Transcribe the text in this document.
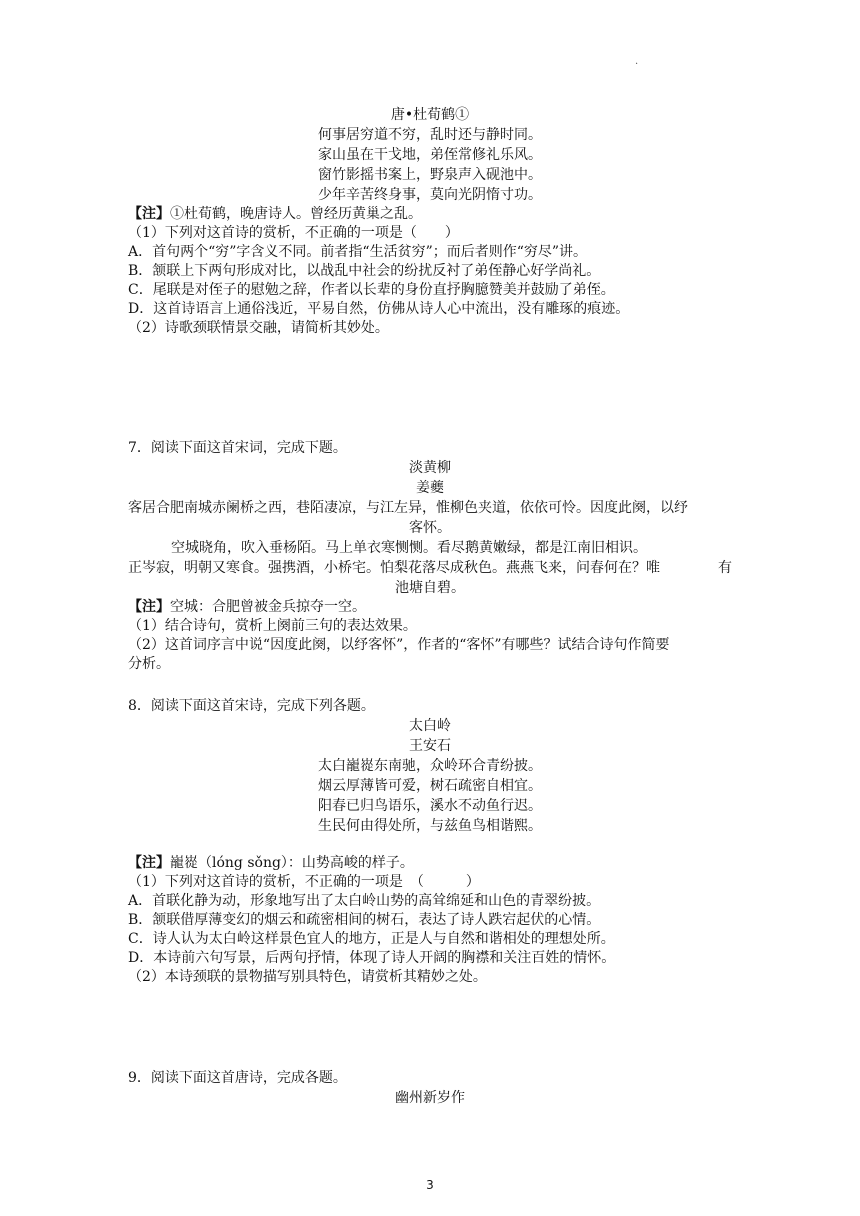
.
唐•杜荀鹤①
何事居穷道不穷，乱时还与静时同。
家山虽在干戈地，弟侄常修礼乐风。
窗竹影摇书案上，野泉声入砚池中。
少年辛苦终身事，莫向光阴惰寸功。
【注】①杜荀鹤，晚唐诗人。曾经历黄巢之乱。
（1）下列对这首诗的赏析，不正确的一项是（　　）
A．首句两个“穷”字含义不同。前者指“生活贫穷”；而后者则作“穷尽”讲。
B．颔联上下两句形成对比，以战乱中社会的纷扰反衬了弟侄静心好学尚礼。
C．尾联是对侄子的慰勉之辞，作者以长辈的身份直抒胸臆赞美并鼓励了弟侄。
D．这首诗语言上通俗浅近，平易自然，仿佛从诗人心中流出，没有雕琢的痕迹。
（2）诗歌颈联情景交融，请简析其妙处。
7．阅读下面这首宋词，完成下题。
淡黄柳
姜夔
客居合肥南城赤阑桥之西，巷陌凄凉，与江左异，惟柳色夹道，依依可怜。因度此阕，以纾
客怀。
空城晓角，吹入垂杨陌。马上单衣寒恻恻。看尽鹅黄嫩绿，都是江南旧相识。
正岑寂，明朝又寒食。强携酒，小桥宅。怕梨花落尽成秋色。燕燕飞来，问春何在？唯	有
池塘自碧。
【注】空城：合肥曾被金兵掠夺一空。
（1）结合诗句，赏析上阕前三句的表达效果。
（2）这首词序言中说“因度此阕，以纾客怀”，作者的“客怀”有哪些？试结合诗句作简要
分析。
8．阅读下面这首宋诗，完成下列各题。
太白岭
王安石
太白巃嵸东南驰，众岭环合青纷披。
烟云厚薄皆可爱，树石疏密自相宜。
阳春已归鸟语乐，溪水不动鱼行迟。
生民何由得处所，与兹鱼鸟相谐熙。
【注】巃嵸（lóng sǒng）：山势高峻的样子。
（1）下列对这首诗的赏析，不正确的一项是　（　　　）
A．首联化静为动，形象地写出了太白岭山势的高耸绵延和山色的青翠纷披。
B．颔联借厚薄变幻的烟云和疏密相间的树石，表达了诗人跌宕起伏的心情。
C．诗人认为太白岭这样景色宜人的地方，正是人与自然和谐相处的理想处所。
D．本诗前六句写景，后两句抒情，体现了诗人开阔的胸襟和关注百姓的情怀。
（2）本诗颈联的景物描写别具特色，请赏析其精妙之处。
9．阅读下面这首唐诗，完成各题。
幽州新岁作
3
